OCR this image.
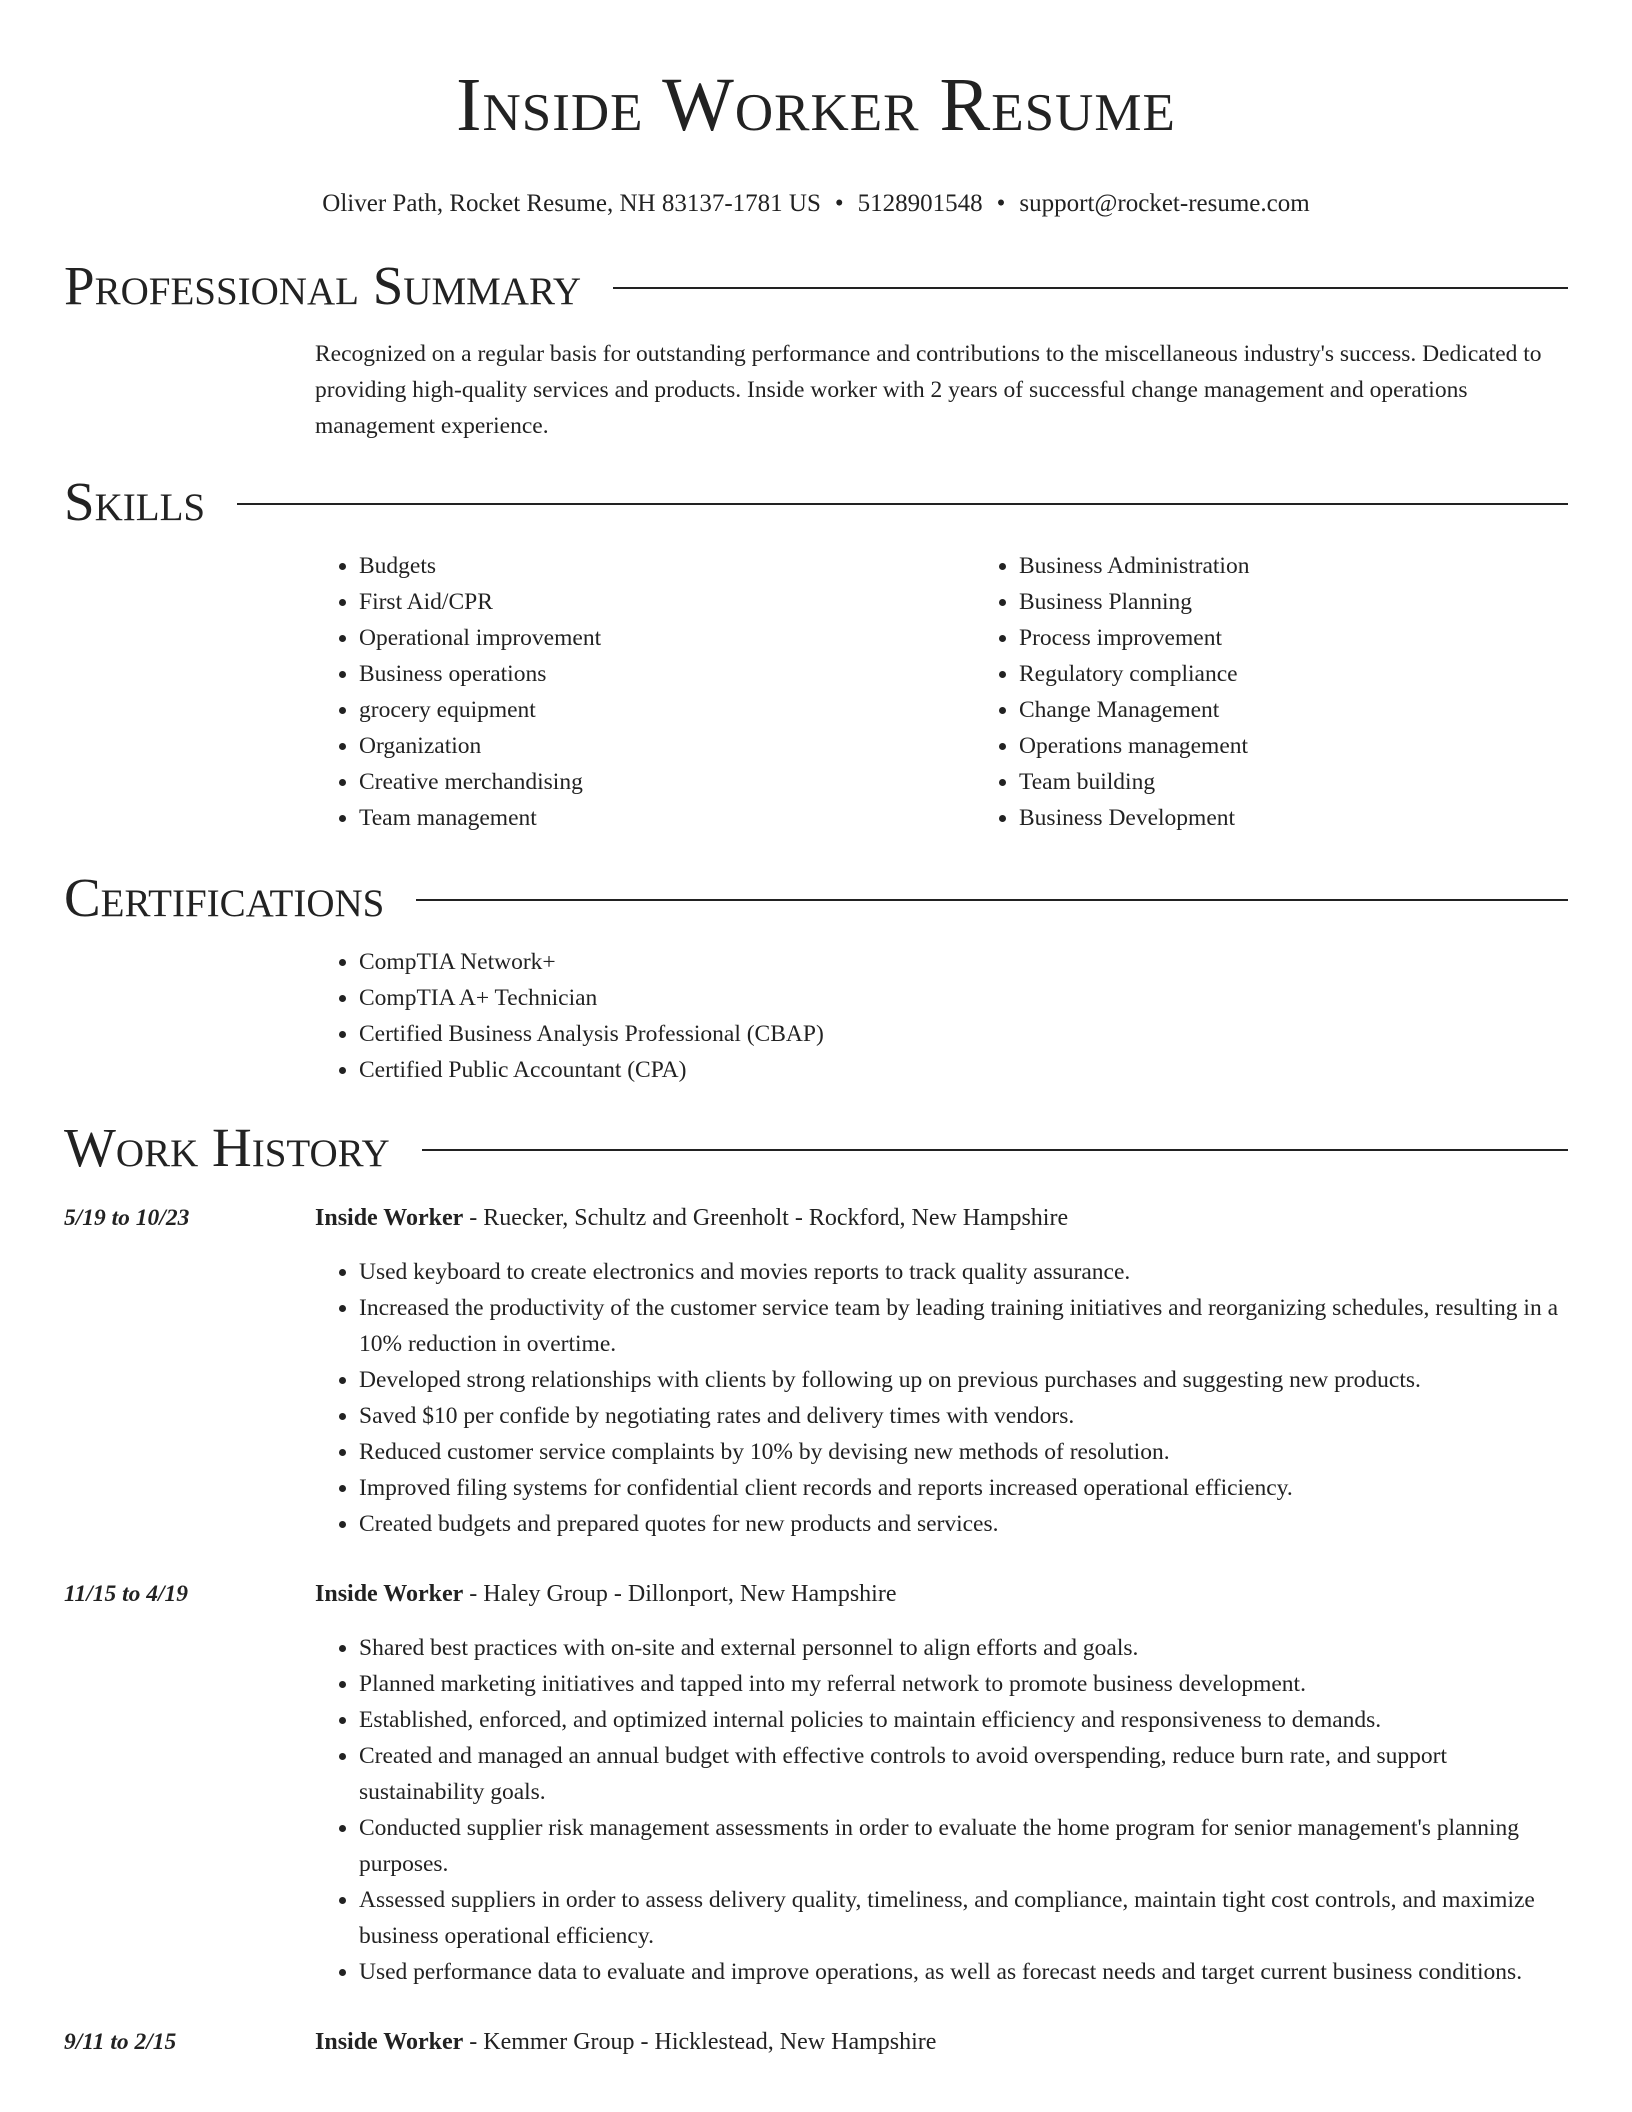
Inside Worker Resume
Oliver Path, Rocket Resume, NH 83137-1781 US • 5128901548 • support@rocket-resume.com
Professional Summary

Recognized on a regular basis for outstanding performance and contributions to the miscellaneous industry's success. Dedicated to providing high-quality services and products. Inside worker with 2 years of successful change management and operations management experience.

Skills
• Budgets
• First Aid/CPR
• Operational improvement
• Business operations
• grocery equipment
• Organization
• Creative merchandising
• Team management
• Business Administration
• Business Planning
• Process improvement
• Regulatory compliance
• Change Management
• Operations management
• Team building
• Business Development
Certifications
• CompTIA Network+
• CompTIA A+ Technician
• Certified Business Analysis Professional (CBAP)
• Certified Public Accountant (CPA)
Work History
5/19 to 10/23	Inside Worker - Ruecker, Schultz and Greenholt - Rockford, New Hampshire
• Used keyboard to create electronics and movies reports to track quality assurance.
• Increased the productivity of the customer service team by leading training initiatives and reorganizing schedules, resulting in a 10% reduction in overtime.
• Developed strong relationships with clients by following up on previous purchases and suggesting new products.
• Saved $10 per confide by negotiating rates and delivery times with vendors.
• Reduced customer service complaints by 10% by devising new methods of resolution.
• Improved filing systems for confidential client records and reports increased operational efficiency.
• Created budgets and prepared quotes for new products and services.
11/15 to 4/19	Inside Worker - Haley Group - Dillonport, New Hampshire
• Shared best practices with on-site and external personnel to align efforts and goals.
• Planned marketing initiatives and tapped into my referral network to promote business development.
• Established, enforced, and optimized internal policies to maintain efficiency and responsiveness to demands.
• Created and managed an annual budget with effective controls to avoid overspending, reduce burn rate, and support sustainability goals.
• Conducted supplier risk management assessments in order to evaluate the home program for senior management's planning purposes.
• Assessed suppliers in order to assess delivery quality, timeliness, and compliance, maintain tight cost controls, and maximize business operational efficiency.
• Used performance data to evaluate and improve operations, as well as forecast needs and target current business conditions.
9/11 to 2/15	Inside Worker - Kemmer Group - Hicklestead, New Hampshire
